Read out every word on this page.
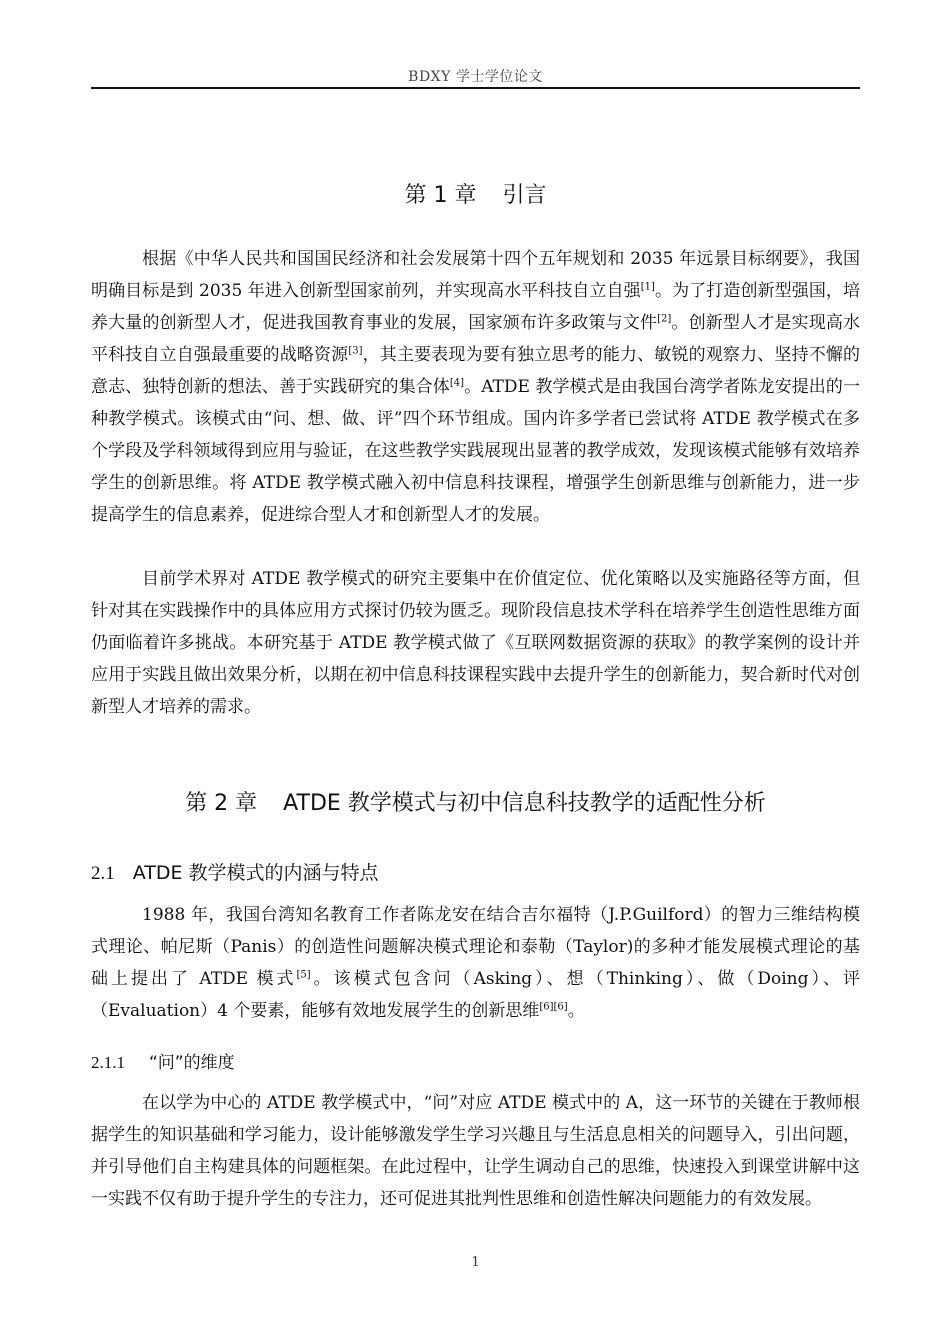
BDXY 学士学位论文
第 1 章 引言
根据《中华人民共和国国民经济和社会发展第十四个五年规划和 2035 年远景目标纲要》，我国明确目标是到 2035 年进入创新型国家前列，并实现高水平科技自立自强[1]。为了打造创新型强国，培养大量的创新型人才，促进我国教育事业的发展，国家颁布许多政策与文件[2]。创新型人才是实现高水平科技自立自强最重要的战略资源[3]，其主要表现为要有独立思考的能力、敏锐的观察力、坚持不懈的意志、独特创新的想法、善于实践研究的集合体[4]。ATDE 教学模式是由我国台湾学者陈龙安提出的一种教学模式。该模式由“问、想、做、评”四个环节组成。国内许多学者已尝试将 ATDE 教学模式在多个学段及学科领域得到应用与验证，在这些教学实践展现出显著的教学成效，发现该模式能够有效培养学生的创新思维。将 ATDE 教学模式融入初中信息科技课程，增强学生创新思维与创新能力，进一步提高学生的信息素养，促进综合型人才和创新型人才的发展。
目前学术界对 ATDE 教学模式的研究主要集中在价值定位、优化策略以及实施路径等方面，但针对其在实践操作中的具体应用方式探讨仍较为匮乏。现阶段信息技术学科在培养学生创造性思维方面仍面临着许多挑战。本研究基于 ATDE 教学模式做了《互联网数据资源的获取》的教学案例的设计并应用于实践且做出效果分析，以期在初中信息科技课程实践中去提升学生的创新能力，契合新时代对创新型人才培养的需求。
第 2 章 ATDE 教学模式与初中信息科技教学的适配性分析
2.1 ATDE 教学模式的内涵与特点
1988 年，我国台湾知名教育工作者陈龙安在结合吉尔福特（J.P.Guilford）的智力三维结构模式理论、帕尼斯（Panis）的创造性问题解决模式理论和泰勒（Taylor)的多种才能发展模式理论的基础上提出了 ATDE 模式[5]。该模式包含问（Asking）、想（Thinking）、做（Doing）、评（Evaluation）4 个要素，能够有效地发展学生的创新思维[6][6]。
2.1.1 “问”的维度
在以学为中心的 ATDE 教学模式中，“问”对应 ATDE 模式中的 A，这一环节的关键在于教师根据学生的知识基础和学习能力，设计能够激发学生学习兴趣且与生活息息相关的问题导入，引出问题，并引导他们自主构建具体的问题框架。在此过程中，让学生调动自己的思维，快速投入到课堂讲解中这一实践不仅有助于提升学生的专注力，还可促进其批判性思维和创造性解决问题能力的有效发展。
1
